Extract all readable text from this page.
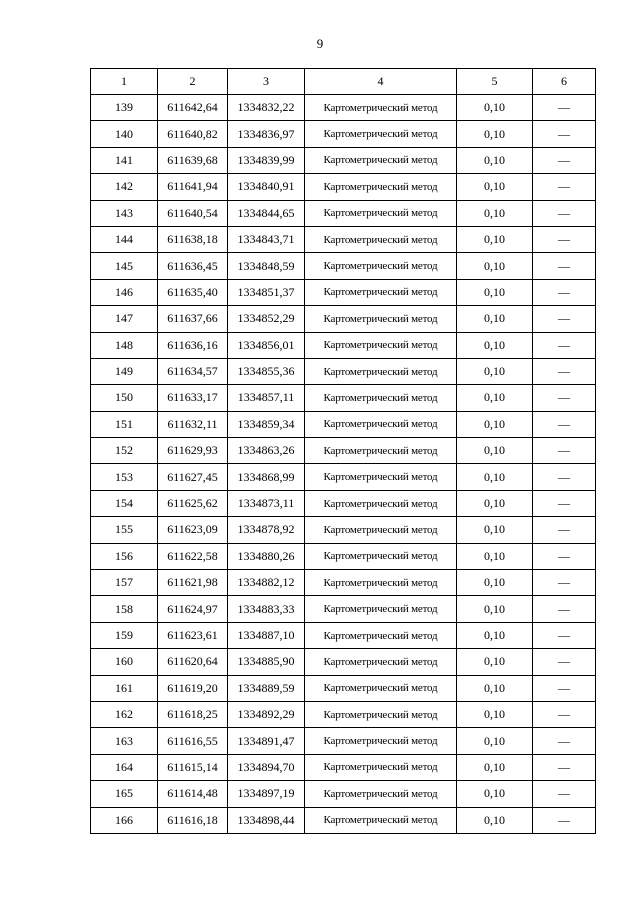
9
1	2	3	4	5	6
139	611642,64	1334832,22	Картометрический метод	0,10	—
140	611640,82	1334836,97	Картометрический метод	0,10	—
141	611639,68	1334839,99	Картометрический метод	0,10	—
142	611641,94	1334840,91	Картометрический метод	0,10	—
143	611640,54	1334844,65	Картометрический метод	0,10	—
144	611638,18	1334843,71	Картометрический метод	0,10	—
145	611636,45	1334848,59	Картометрический метод	0,10	—
146	611635,40	1334851,37	Картометрический метод	0,10	—
147	611637,66	1334852,29	Картометрический метод	0,10	—
148	611636,16	1334856,01	Картометрический метод	0,10	—
149	611634,57	1334855,36	Картометрический метод	0,10	—
150	611633,17	1334857,11	Картометрический метод	0,10	—
151	611632,11	1334859,34	Картометрический метод	0,10	—
152	611629,93	1334863,26	Картометрический метод	0,10	—
153	611627,45	1334868,99	Картометрический метод	0,10	—
154	611625,62	1334873,11	Картометрический метод	0,10	—
155	611623,09	1334878,92	Картометрический метод	0,10	—
156	611622,58	1334880,26	Картометрический метод	0,10	—
157	611621,98	1334882,12	Картометрический метод	0,10	—
158	611624,97	1334883,33	Картометрический метод	0,10	—
159	611623,61	1334887,10	Картометрический метод	0,10	—
160	611620,64	1334885,90	Картометрический метод	0,10	—
161	611619,20	1334889,59	Картометрический метод	0,10	—
162	611618,25	1334892,29	Картометрический метод	0,10	—
163	611616,55	1334891,47	Картометрический метод	0,10	—
164	611615,14	1334894,70	Картометрический метод	0,10	—
165	611614,48	1334897,19	Картометрический метод	0,10	—
166	611616,18	1334898,44	Картометрический метод	0,10	—
